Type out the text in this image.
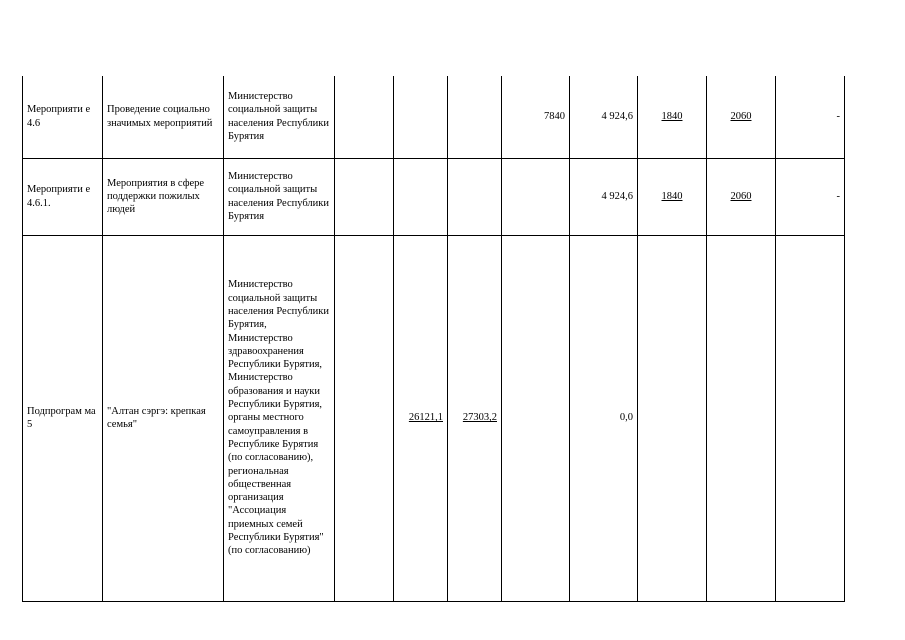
Мероприяти е 4.6	Проведение социально значимых мероприятий	Министерство социальной защиты населения Республики Бурятия				7840	4 924,6	1840	2060	-
Мероприяти е 4.6.1.	Мероприятия в сфере поддержки пожилых людей	Министерство социальной защиты населения Республики Бурятия					4 924,6	1840	2060	-
Подпрограм ма 5	"Алтан сэргэ: крепкая семья"	Министерство социальной защиты населения Республики Бурятия, Министерство здравоохранения Республики Бурятия, Министерство образования и науки Республики Бурятия, органы местного самоуправления в Республике Бурятия (по согласованию), региональная общественная организация "Ассоциация приемных семей Республики Бурятия" (по согласованию)		26121,1	27303,2		0,0			
